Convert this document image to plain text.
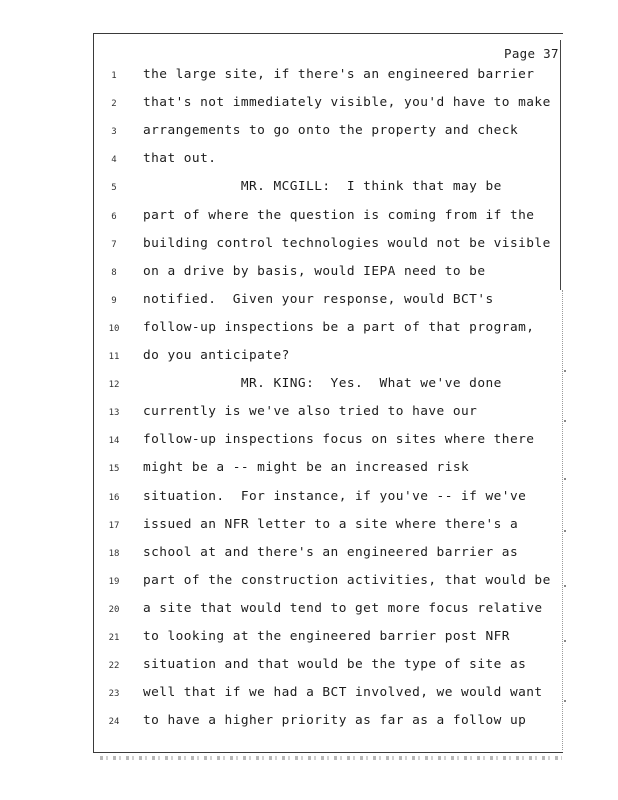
Page 37
1	the large site, if there's an engineered barrier
2	that's not immediately visible, you'd have to make
3	arrangements to go onto the property and check
4	that out.
5	MR. MCGILL:  I think that may be
6	part of where the question is coming from if the
7	building control technologies would not be visible
8	on a drive by basis, would IEPA need to be
9	notified.  Given your response, would BCT's
10	follow-up inspections be a part of that program,
11	do you anticipate?
12	MR. KING:  Yes.  What we've done
13	currently is we've also tried to have our
14	follow-up inspections focus on sites where there
15	might be a -- might be an increased risk
16	situation.  For instance, if you've -- if we've
17	issued an NFR letter to a site where there's a
18	school at and there's an engineered barrier as
19	part of the construction activities, that would be
20	a site that would tend to get more focus relative
21	to looking at the engineered barrier post NFR
22	situation and that would be the type of site as
23	well that if we had a BCT involved, we would want
24	to have a higher priority as far as a follow up
